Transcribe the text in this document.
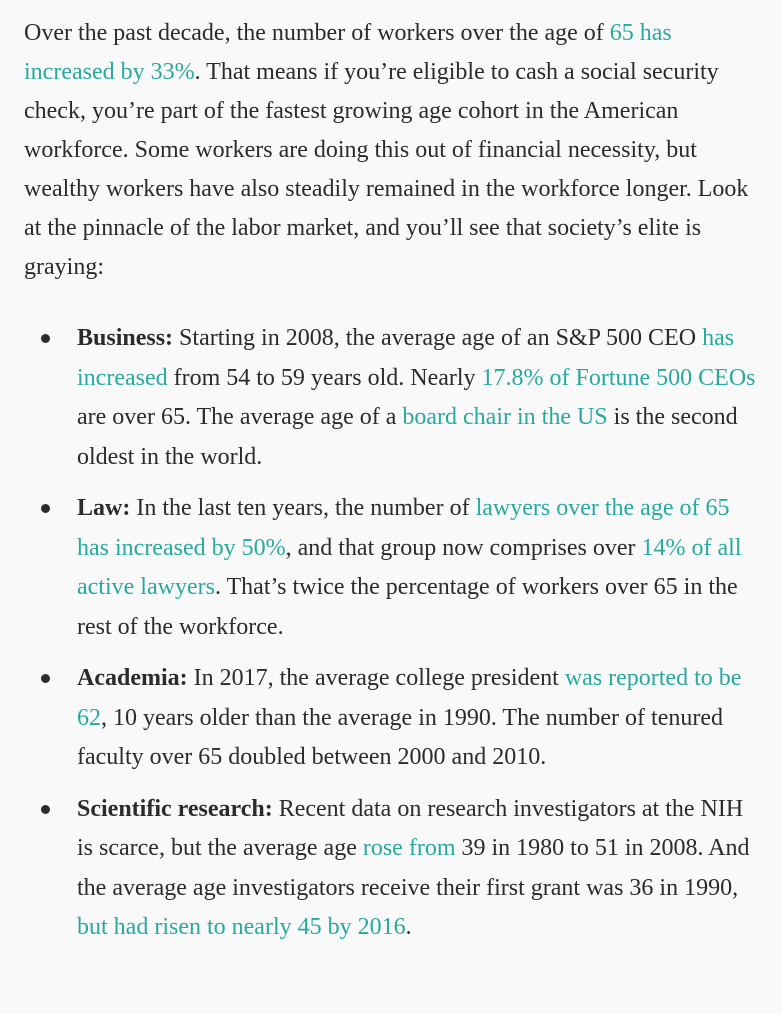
Over the past decade, the number of workers over the age of 65 has increased by 33%. That means if you’re eligible to cash a social security check, you’re part of the fastest growing age cohort in the American workforce. Some workers are doing this out of financial necessity, but wealthy workers have also steadily remained in the workforce longer. Look at the pinnacle of the labor market, and you’ll see that society’s elite is graying:

Business: Starting in 2008, the average age of an S&P 500 CEO has increased from 54 to 59 years old. Nearly 17.8% of Fortune 500 CEOs are over 65. The average age of a board chair in the US is the second oldest in the world.
Law: In the last ten years, the number of lawyers over the age of 65 has increased by 50%, and that group now comprises over 14% of all active lawyers. That’s twice the percentage of workers over 65 in the rest of the workforce.
Academia: In 2017, the average college president was reported to be 62, 10 years older than the average in 1990. The number of tenured faculty over 65 doubled between 2000 and 2010.
Scientific research: Recent data on research investigators at the NIH is scarce, but the average age rose from 39 in 1980 to 51 in 2008. And the average age investigators receive their first grant was 36 in 1990, but had risen to nearly 45 by 2016.
